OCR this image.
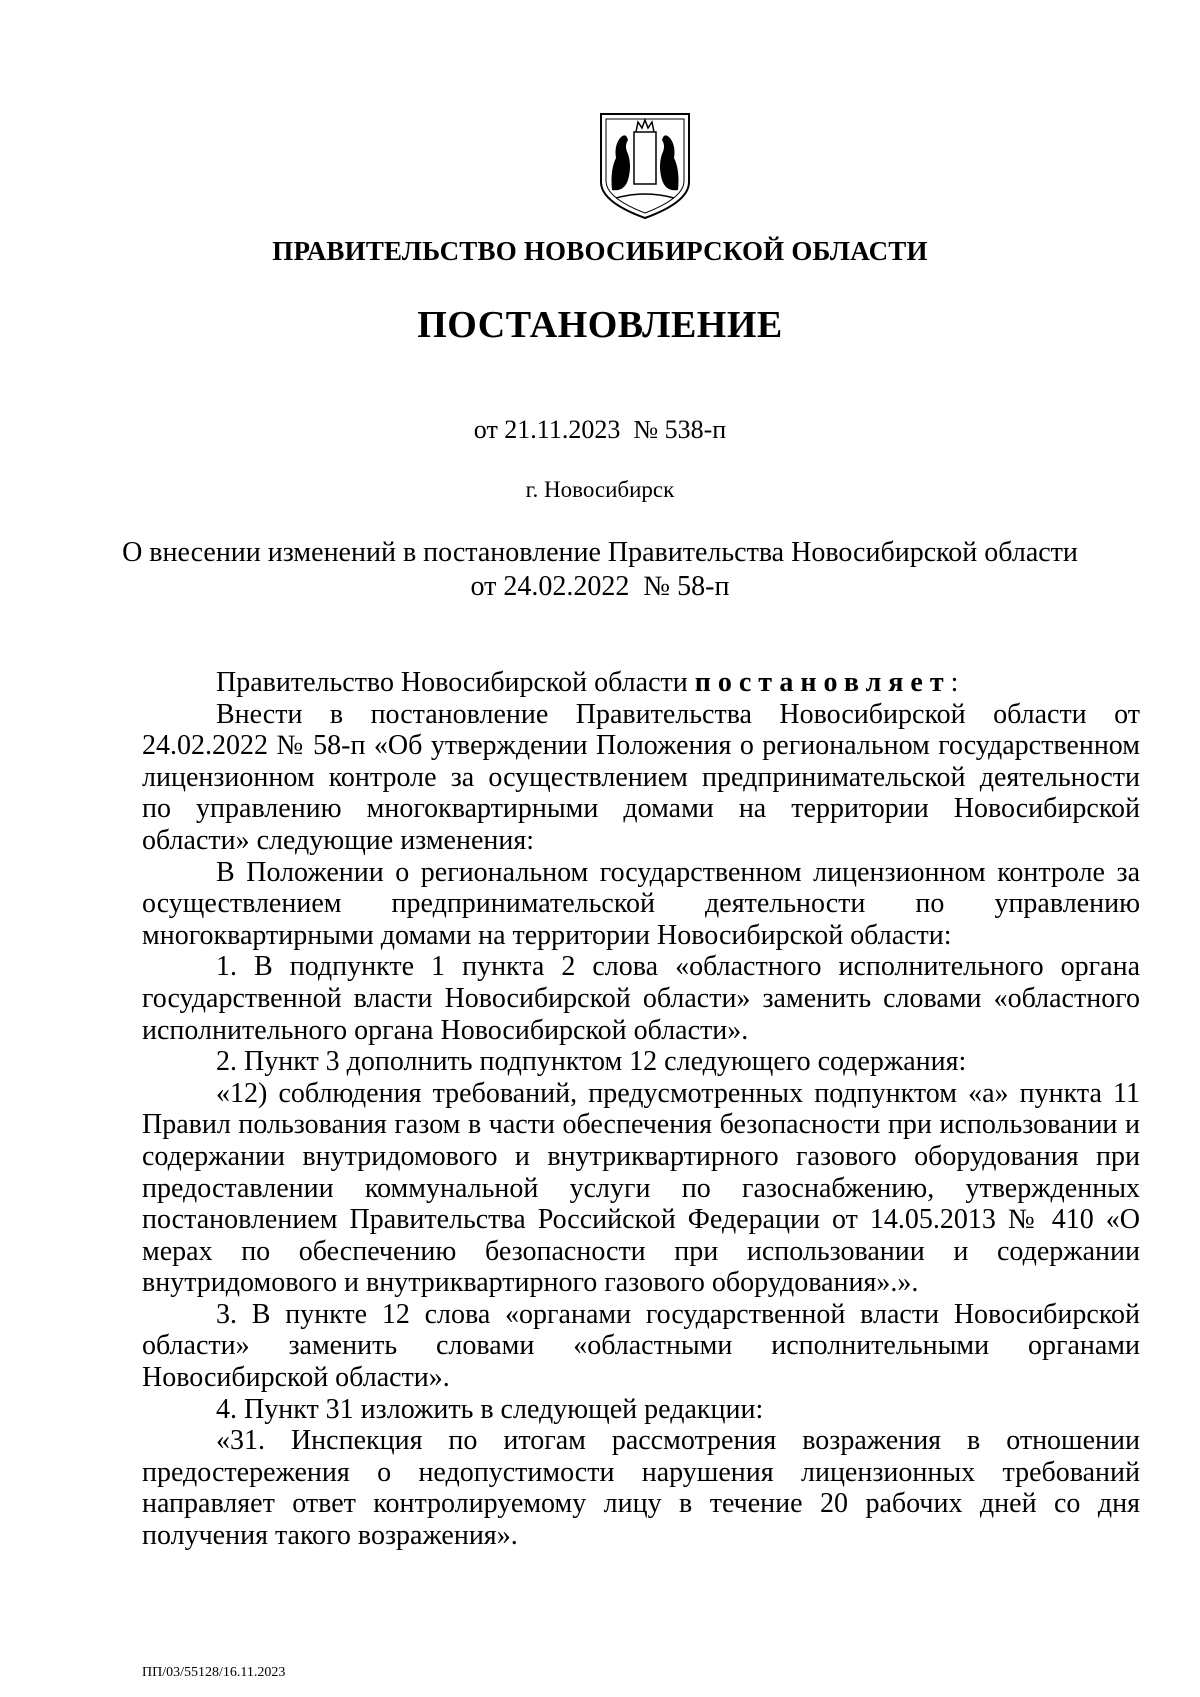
ПРАВИТЕЛЬСТВО НОВОСИБИРСКОЙ ОБЛАСТИ
ПОСТАНОВЛЕНИЕ
от 21.11.2023  № 538-п
г. Новосибирск
О внесении изменений в постановление Правительства Новосибирской области
от 24.02.2022  № 58-п

Правительство Новосибирской области постановляет:

Внести в постановление Правительства Новосибирской области от 24.02.2022 № 58-п «Об утверждении Положения о региональном государственном лицензионном контроле за осуществлением предпринимательской деятельности по управлению многоквартирными домами на территории Новосибирской области» следующие изменения:

В Положении о региональном государственном лицензионном контроле за осуществлением предпринимательской деятельности по управлению многоквартирными домами на территории Новосибирской области:

1. В подпункте 1 пункта 2 слова «областного исполнительного органа государственной власти Новосибирской области» заменить словами «областного исполнительного органа Новосибирской области».

2. Пункт 3 дополнить подпунктом 12 следующего содержания:

«12) соблюдения требований, предусмотренных подпунктом «а» пункта 11 Правил пользования газом в части обеспечения безопасности при использовании и содержании внутридомового и внутриквартирного газового оборудования при предоставлении коммунальной услуги по газоснабжению, утвержденных постановлением Правительства Российской Федерации от 14.05.2013 № 410 «О мерах по обеспечению безопасности при использовании и содержании внутридомового и внутриквартирного газового оборудования».».

3. В пункте 12 слова «органами государственной власти Новосибирской области» заменить словами «областными исполнительными органами Новосибирской области».

4. Пункт 31 изложить в следующей редакции:

«31. Инспекция по итогам рассмотрения возражения в отношении предостережения о недопустимости нарушения лицензионных требований направляет ответ контролируемому лицу в течение 20 рабочих дней со дня получения такого возражения».

ПП/03/55128/16.11.2023
